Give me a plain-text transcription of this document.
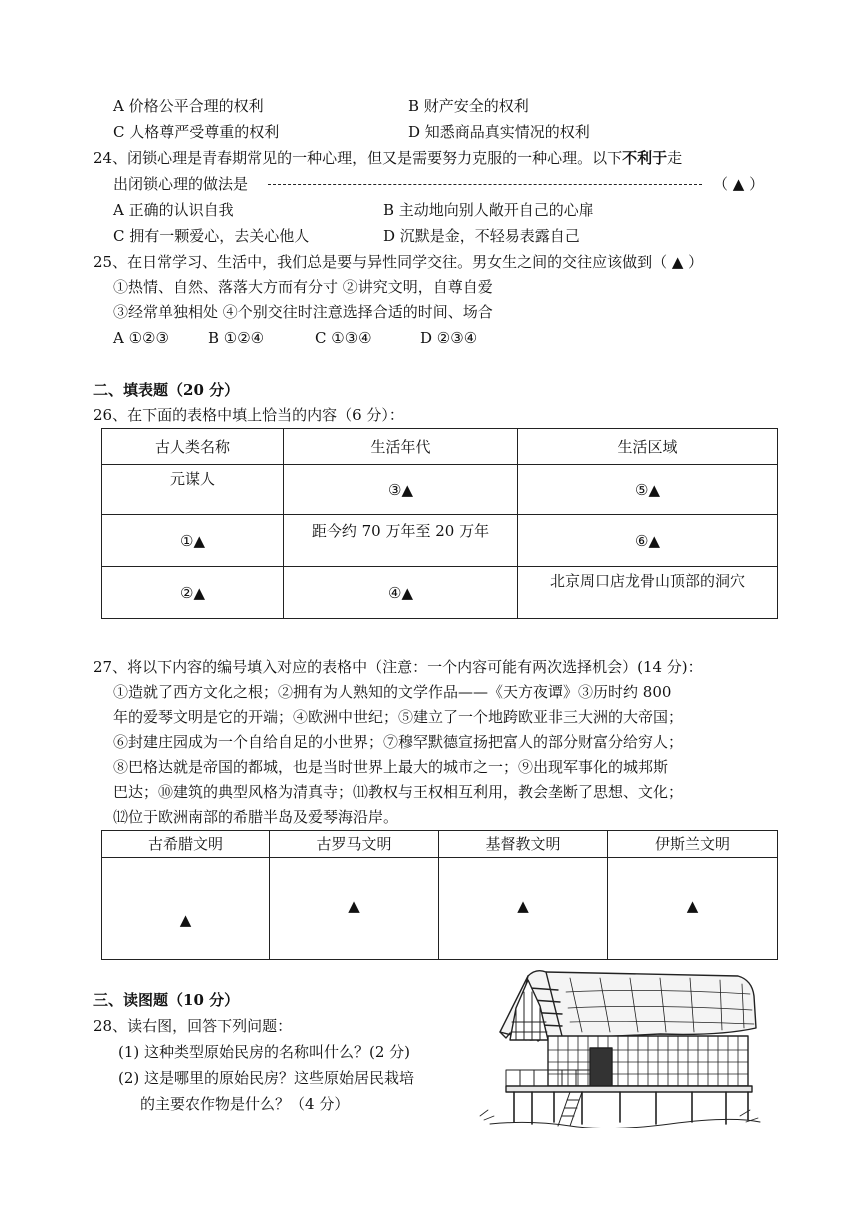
A 价格公平合理的权利	B 财产安全的权利
C 人格尊严受尊重的权利	D 知悉商品真实情况的权利
24、闭锁心理是青春期常见的一种心理，但又是需要努力克服的一种心理。以下不利于走
出闭锁心理的做法是	（ ▲ ）
A 正确的认识自我	B 主动地向别人敞开自己的心扉
C 拥有一颗爱心，去关心他人	D 沉默是金，不轻易表露自己
25、在日常学习、生活中，我们总是要与异性同学交往。男女生之间的交往应该做到（ ▲ ）
①热情、自然、落落大方而有分寸 ②讲究文明，自尊自爱
③经常单独相处 ④个别交往时注意选择合适的时间、场合
A ①②③	B ①②④	C ①③④	D ②③④
二、填表题（20 分）
26、在下面的表格中填上恰当的内容（6 分）：
古人类名称	生活年代	生活区域
元谋人	③▲	⑤▲
①▲	距今约 70 万年至 20 万年	⑥▲
②▲	④▲	北京周口店龙骨山顶部的洞穴
27、将以下内容的编号填入对应的表格中（注意：一个内容可能有两次选择机会）(14 分)：
①造就了西方文化之根；②拥有为人熟知的文学作品——《天方夜谭》③历时约 800
年的爱琴文明是它的开端；④欧洲中世纪；⑤建立了一个地跨欧亚非三大洲的大帝国；
⑥封建庄园成为一个自给自足的小世界；⑦穆罕默德宣扬把富人的部分财富分给穷人；
⑧巴格达就是帝国的都城，也是当时世界上最大的城市之一；⑨出现军事化的城邦斯
巴达；⑩建筑的典型风格为清真寺；⑾教权与王权相互利用，教会垄断了思想、文化；
⑿位于欧洲南部的希腊半岛及爱琴海沿岸。
古希腊文明	古罗马文明	基督教文明	伊斯兰文明
▲	▲	▲	▲
三、读图题（10 分）
28、读右图，回答下列问题：
(1) 这种类型原始民房的名称叫什么？(2 分)
(2) 这是哪里的原始民房？这些原始居民栽培
的主要农作物是什么？（4 分）
